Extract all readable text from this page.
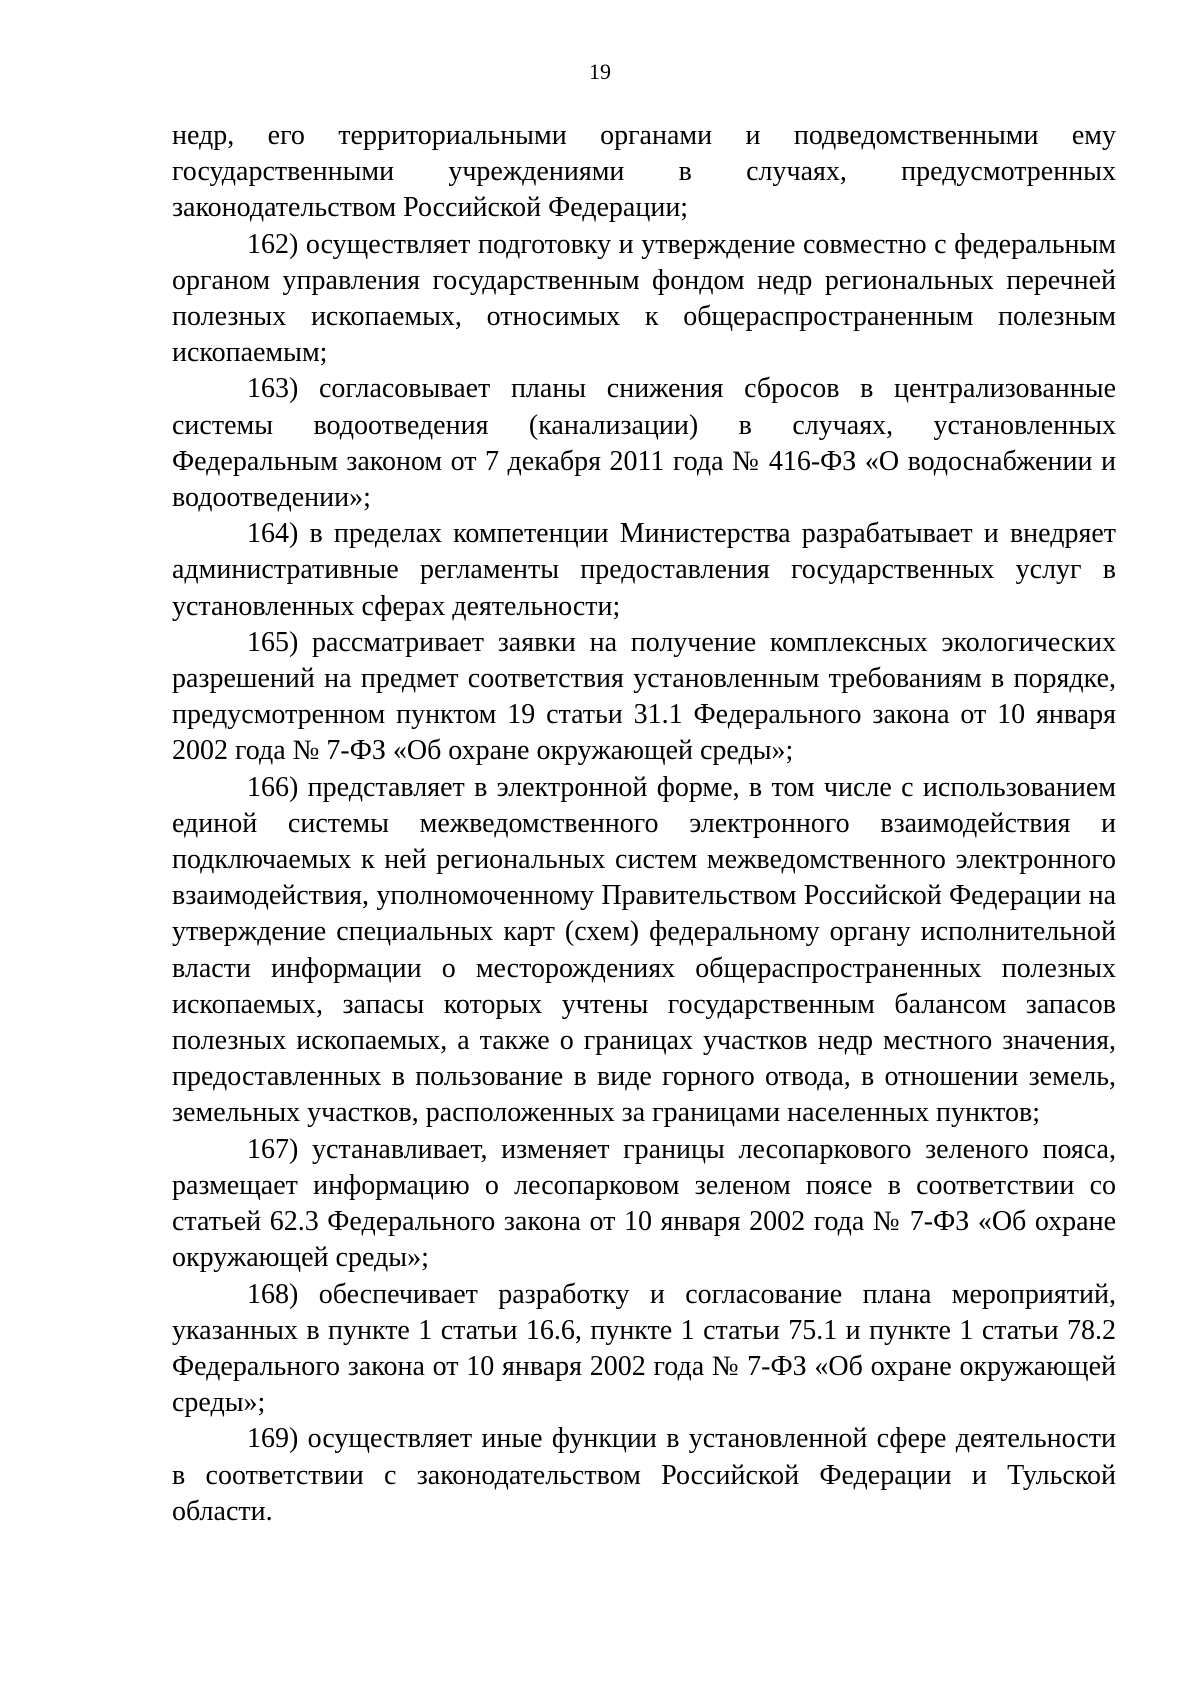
19

недр, его территориальными органами и подведомственными ему государственными учреждениями в случаях, предусмотренных законодательством Российской Федерации;

162) осуществляет подготовку и утверждение совместно с федеральным органом управления государственным фондом недр региональных перечней полезных ископаемых, относимых к общераспространенным полезным ископаемым;

163) согласовывает планы снижения сбросов в централизованные системы водоотведения (канализации) в случаях, установленных Федеральным законом от 7 декабря 2011 года № 416-ФЗ «О водоснабжении и водоотведении»;

164) в пределах компетенции Министерства разрабатывает и внедряет административные регламенты предоставления государственных услуг в установленных сферах деятельности;

165) рассматривает заявки на получение комплексных экологических разрешений на предмет соответствия установленным требованиям в порядке, предусмотренном пунктом 19 статьи 31.1 Федерального закона от 10 января 2002 года № 7-ФЗ «Об охране окружающей среды»;

166) представляет в электронной форме, в том числе с использованием единой системы межведомственного электронного взаимодействия и подключаемых к ней региональных систем межведомственного электронного взаимодействия, уполномоченному Правительством Российской Федерации на утверждение специальных карт (схем) федеральному органу исполнительной власти информации о месторождениях общераспространенных полезных ископаемых, запасы которых учтены государственным балансом запасов полезных ископаемых, а также о границах участков недр местного значения, предоставленных в пользование в виде горного отвода, в отношении земель, земельных участков, расположенных за границами населенных пунктов;

167) устанавливает, изменяет границы лесопаркового зеленого пояса, размещает информацию о лесопарковом зеленом поясе в соответствии со статьей 62.3 Федерального закона от 10 января 2002 года № 7-ФЗ «Об охране окружающей среды»;

168) обеспечивает разработку и согласование плана мероприятий, указанных в пункте 1 статьи 16.6, пункте 1 статьи 75.1 и пункте 1 статьи 78.2 Федерального закона от 10 января 2002 года № 7-ФЗ «Об охране окружающей среды»;

169) осуществляет иные функции в установленной сфере деятельности в соответствии с законодательством Российской Федерации и Тульской области.
